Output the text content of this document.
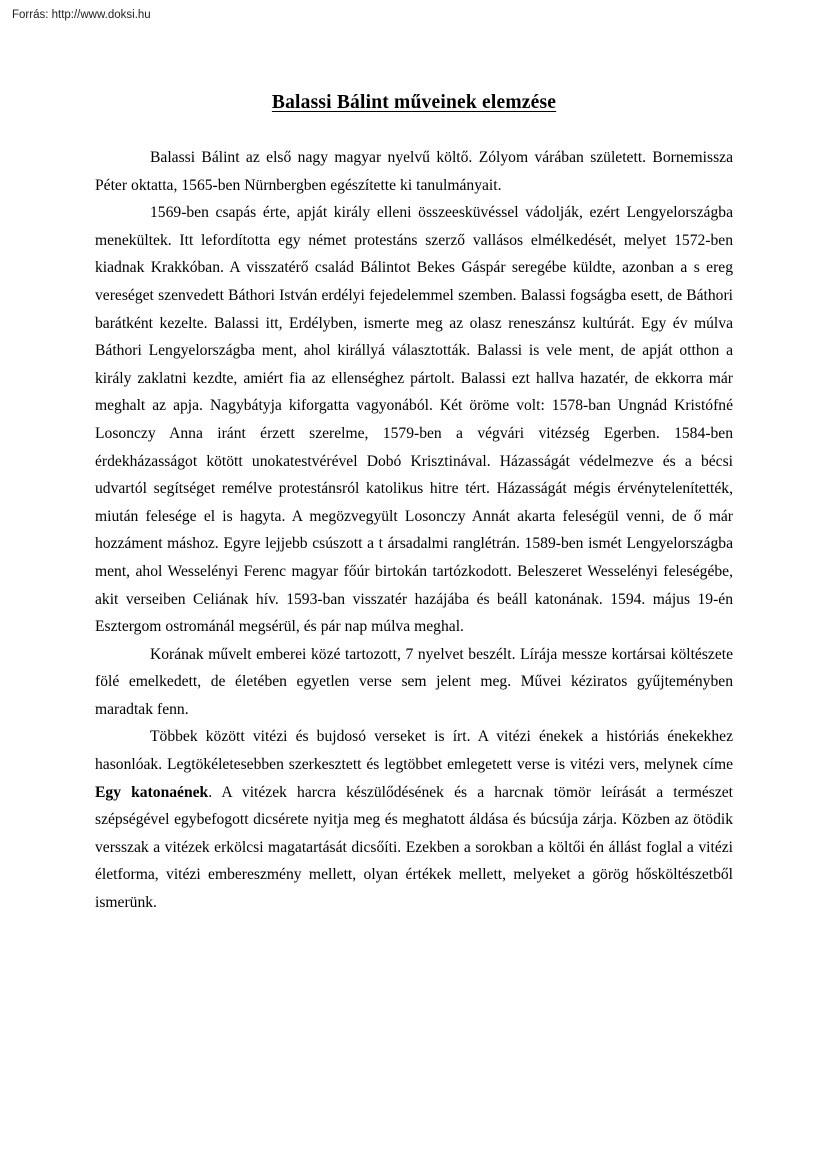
Forrás: http://www.doksi.hu
Balassi Bálint műveinek elemzése

Balassi Bálint az első nagy magyar nyelvű költő. Zólyom várában született. Bornemissza Péter oktatta, 1565-ben Nürnbergben egészítette ki tanulmányait.

1569-ben csapás érte, apját király elleni összeesküvéssel vádolják, ezért Lengyelországba menekültek. Itt lefordította egy német protestáns szerző vallásos elmélkedését, melyet 1572-ben kiadnak Krakkóban. A visszatérő család Bálintot Bekes Gáspár seregébe küldte, azonban a s ereg vereséget szenvedett Báthori István erdélyi fejedelemmel szemben. Balassi fogságba esett, de Báthori barátként kezelte. Balassi itt, Erdélyben, ismerte meg az olasz reneszánsz kultúrát. Egy év múlva Báthori Lengyelországba ment, ahol királlyá választották. Balassi is vele ment, de apját otthon a király zaklatni kezdte, amiért fia az ellenséghez pártolt. Balassi ezt hallva hazatér, de ekkorra már meghalt az apja. Nagybátyja kiforgatta vagyonából. Két öröme volt: 1578-ban Ungnád Kristófné Losonczy Anna iránt érzett szerelme, 1579-ben a végvári vitézség Egerben. 1584-ben érdekházasságot kötött unokatestvérével Dobó Krisztinával. Házasságát védelmezve és a bécsi udvartól segítséget remélve protestánsról katolikus hitre tért. Házasságát mégis érvénytelenítették, miután felesége el is hagyta. A megözvegyült Losonczy Annát akarta feleségül venni, de ő már hozzáment máshoz. Egyre lejjebb csúszott a t ársadalmi ranglétrán. 1589-ben ismét Lengyelországba ment, ahol Wesselényi Ferenc magyar főúr birtokán tartózkodott. Beleszeret Wesselényi feleségébe, akit verseiben Celiának hív. 1593-ban visszatér hazájába és beáll katonának. 1594. május 19-én Esztergom ostrománál megsérül, és pár nap múlva meghal.

Korának művelt emberei közé tartozott, 7 nyelvet beszélt. Lírája messze kortársai költészete fölé emelkedett, de életében egyetlen verse sem jelent meg. Művei kéziratos gyűjteményben maradtak fenn.

Többek között vitézi és bujdosó verseket is írt. A vitézi énekek a históriás énekekhez hasonlóak. Legtökéletesebben szerkesztett és legtöbbet emlegetett verse is vitézi vers, melynek címe Egy katonaének. A vitézek harcra készülődésének és a harcnak tömör leírását a természet szépségével egybefogott dicsérete nyitja meg és meghatott áldása és búcsúja zárja. Közben az ötödik versszak a vitézek erkölcsi magatartását dicsőíti. Ezekben a sorokban a költői én állást foglal a vitézi életforma, vitézi embereszmény mellett, olyan értékek mellett, melyeket a görög hősköltészetből ismerünk.
